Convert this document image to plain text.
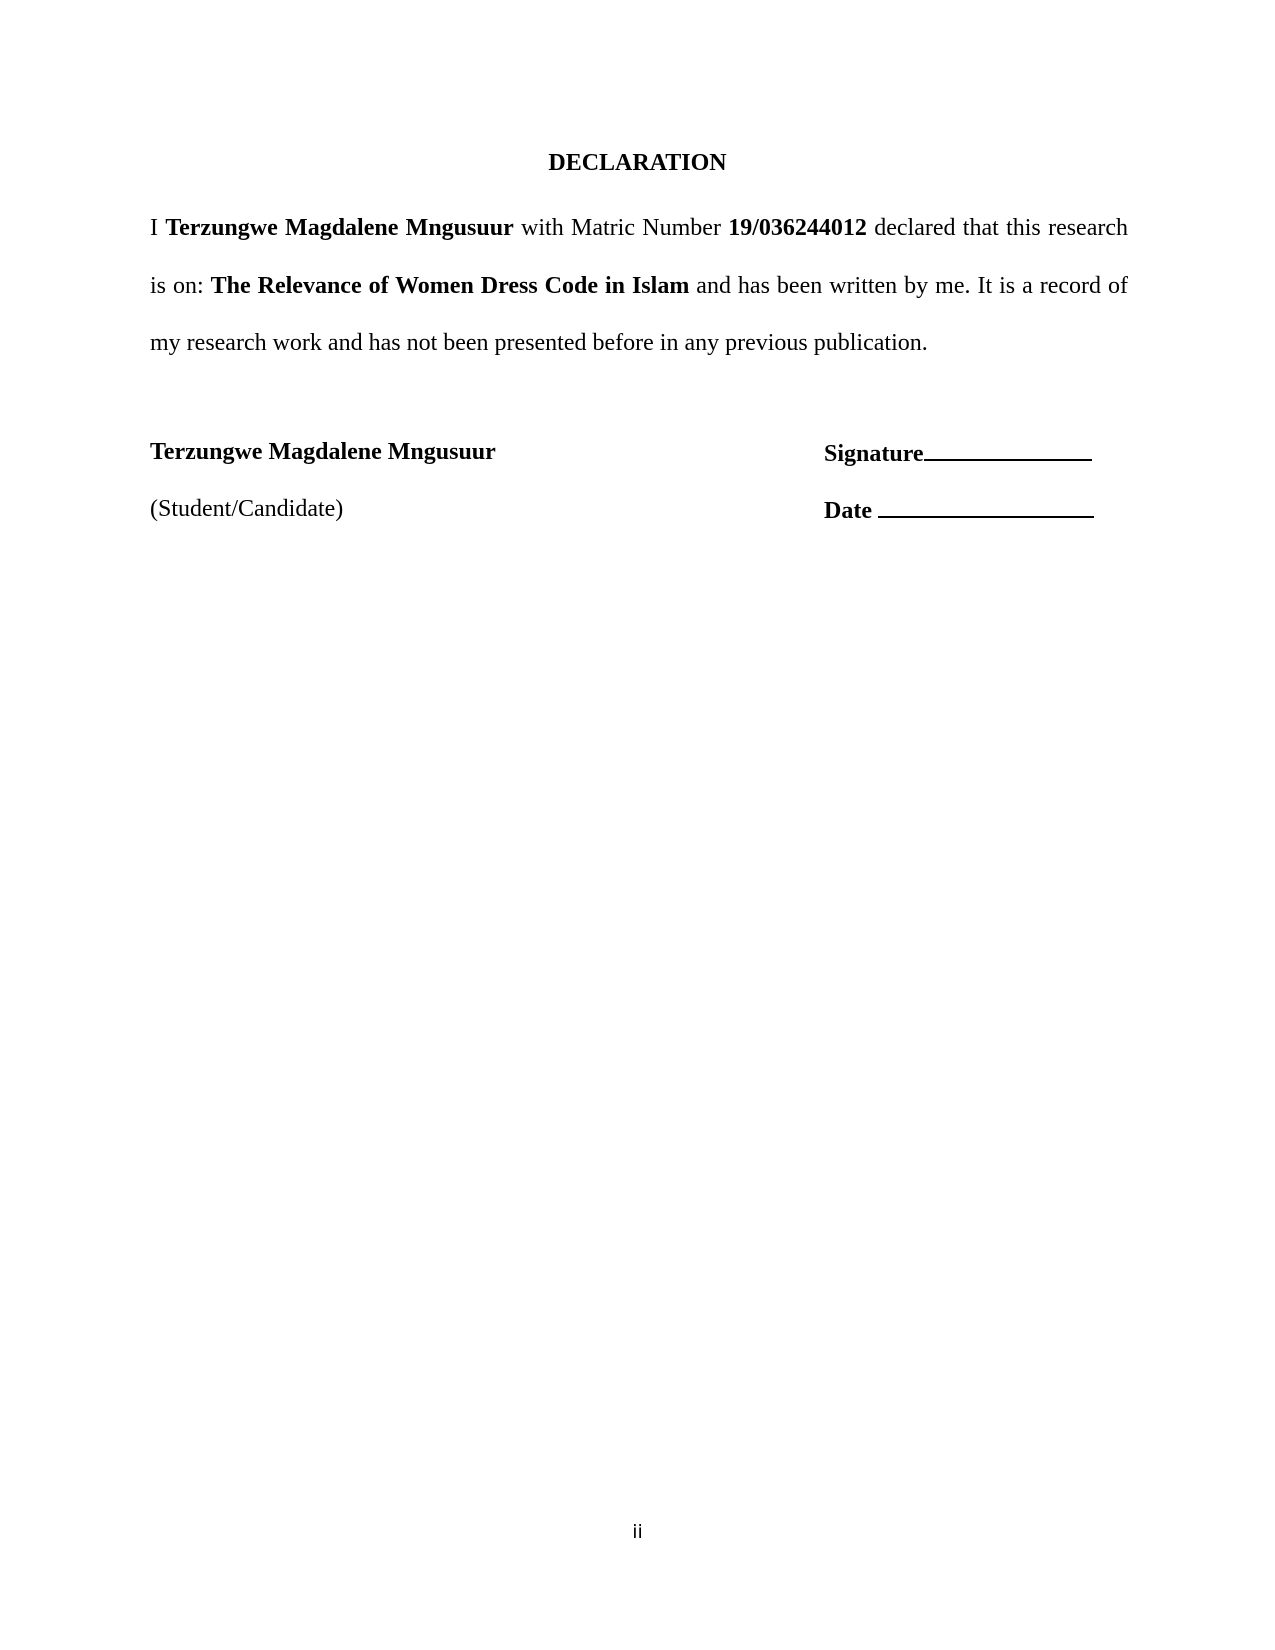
DECLARATION
I Terzungwe Magdalene Mngusuur with Matric Number 19/036244012 declared that this research is on: The Relevance of Women Dress Code in Islam and has been written by me. It is a record of my research work and has not been presented before in any previous publication.
Terzungwe Magdalene Mngusuur
(Student/Candidate)
Signature
Date
ii
